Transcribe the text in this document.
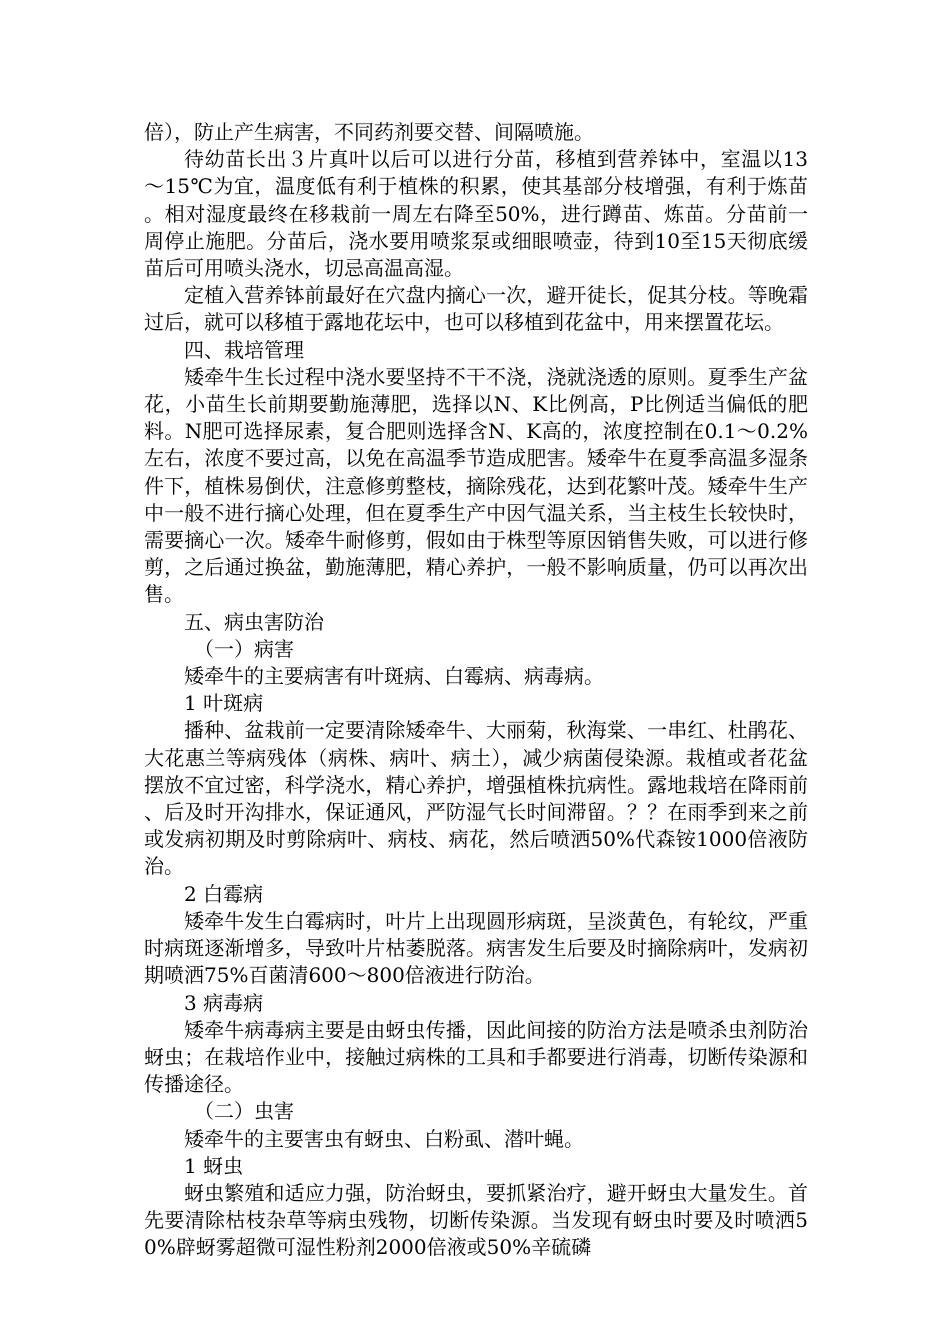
倍），防止产生病害，不同药剂要交替、间隔喷施。

待幼苗长出３片真叶以后可以进行分苗，移植到营养钵中，室温以13～15℃为宜，温度低有利于植株的积累，使其基部分枝增强，有利于炼苗。相对湿度最终在移栽前一周左右降至50%，进行蹲苗、炼苗。分苗前一周停止施肥。分苗后，浇水要用喷浆泵或细眼喷壶，待到10至15天彻底缓苗后可用喷头浇水，切忌高温高湿。

定植入营养钵前最好在穴盘内摘心一次，避开徒长，促其分枝。等晚霜过后，就可以移植于露地花坛中，也可以移植到花盆中，用来摆置花坛。

四、栽培管理

矮牵牛生长过程中浇水要坚持不干不浇，浇就浇透的原则。夏季生产盆花，小苗生长前期要勤施薄肥，选择以N、K比例高，P比例适当偏低的肥料。N肥可选择尿素，复合肥则选择含N、K高的，浓度控制在0.1～0.2%左右，浓度不要过高，以免在高温季节造成肥害。矮牵牛在夏季高温多湿条件下，植株易倒伏，注意修剪整枝，摘除残花，达到花繁叶茂。矮牵牛生产中一般不进行摘心处理，但在夏季生产中因气温关系，当主枝生长较快时，需要摘心一次。矮牵牛耐修剪，假如由于株型等原因销售失败，可以进行修剪，之后通过换盆，勤施薄肥，精心养护，一般不影响质量，仍可以再次出售。

五、病虫害防治

（一）病害

矮牵牛的主要病害有叶斑病、白霉病、病毒病。

1 叶斑病

播种、盆栽前一定要清除矮牵牛、大丽菊，秋海棠、一串红、杜鹃花、大花惠兰等病残体（病株、病叶、病土），减少病菌侵染源。栽植或者花盆摆放不宜过密，科学浇水，精心养护，增强植株抗病性。露地栽培在降雨前、后及时开沟排水，保证通风，严防湿气长时间滞留。？？在雨季到来之前或发病初期及时剪除病叶、病枝、病花，然后喷洒50%代森铵1000倍液防治。

2 白霉病

矮牵牛发生白霉病时，叶片上出现圆形病斑，呈淡黄色，有轮纹，严重时病斑逐渐增多，导致叶片枯萎脱落。病害发生后要及时摘除病叶，发病初期喷洒75%百菌清600～800倍液进行防治。

3 病毒病

矮牵牛病毒病主要是由蚜虫传播，因此间接的防治方法是喷杀虫剂防治蚜虫；在栽培作业中，接触过病株的工具和手都要进行消毒，切断传染源和传播途径。

（二）虫害

矮牵牛的主要害虫有蚜虫、白粉虱、潜叶蝇。

1 蚜虫

蚜虫繁殖和适应力强，防治蚜虫，要抓紧治疗，避开蚜虫大量发生。首先要清除枯枝杂草等病虫残物，切断传染源。当发现有蚜虫时要及时喷洒50%辟蚜雾超微可湿性粉剂2000倍液或50%辛硫磷
